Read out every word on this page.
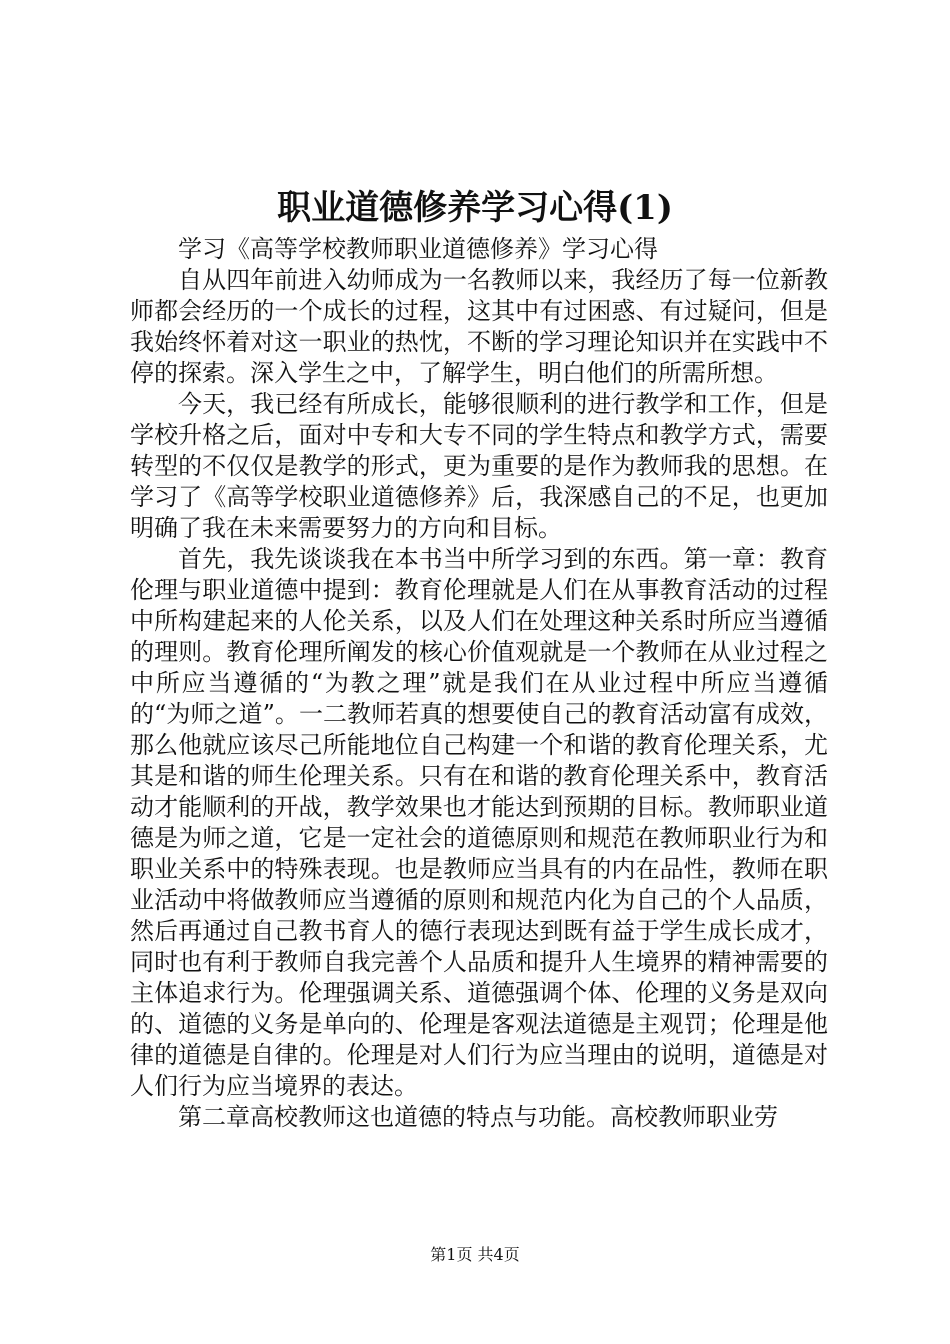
职业道德修养学习心得(1)

学习《高等学校教师职业道德修养》学习心得

自从四年前进入幼师成为一名教师以来，我经历了每一位新教师都会经历的一个成长的过程，这其中有过困惑、有过疑问，但是我始终怀着对这一职业的热忱，不断的学习理论知识并在实践中不停的探索。深入学生之中，了解学生，明白他们的所需所想。

今天，我已经有所成长，能够很顺利的进行教学和工作，但是学校升格之后，面对中专和大专不同的学生特点和教学方式，需要转型的不仅仅是教学的形式，更为重要的是作为教师我的思想。在学习了《高等学校职业道德修养》后，我深感自己的不足，也更加明确了我在未来需要努力的方向和目标。

首先，我先谈谈我在本书当中所学习到的东西。第一章：教育伦理与职业道德中提到：教育伦理就是人们在从事教育活动的过程中所构建起来的人伦关系，以及人们在处理这种关系时所应当遵循的理则。教育伦理所阐发的核心价值观就是一个教师在从业过程之中所应当遵循的“为教之理”就是我们在从业过程中所应当遵循的“为师之道”。一二教师若真的想要使自己的教育活动富有成效，那么他就应该尽己所能地位自己构建一个和谐的教育伦理关系，尤其是和谐的师生伦理关系。只有在和谐的教育伦理关系中，教育活动才能顺利的开战，教学效果也才能达到预期的目标。教师职业道德是为师之道，它是一定社会的道德原则和规范在教师职业行为和职业关系中的特殊表现。也是教师应当具有的内在品性，教师在职业活动中将做教师应当遵循的原则和规范内化为自己的个人品质，然后再通过自己教书育人的德行表现达到既有益于学生成长成才，同时也有利于教师自我完善个人品质和提升人生境界的精神需要的主体追求行为。伦理强调关系、道德强调个体、伦理的义务是双向的、道德的义务是单向的、伦理是客观法道德是主观罚；伦理是他律的道德是自律的。伦理是对人们行为应当理由的说明，道德是对人们行为应当境界的表达。

第二章高校教师这也道德的特点与功能。高校教师职业劳

第1页 共4页
